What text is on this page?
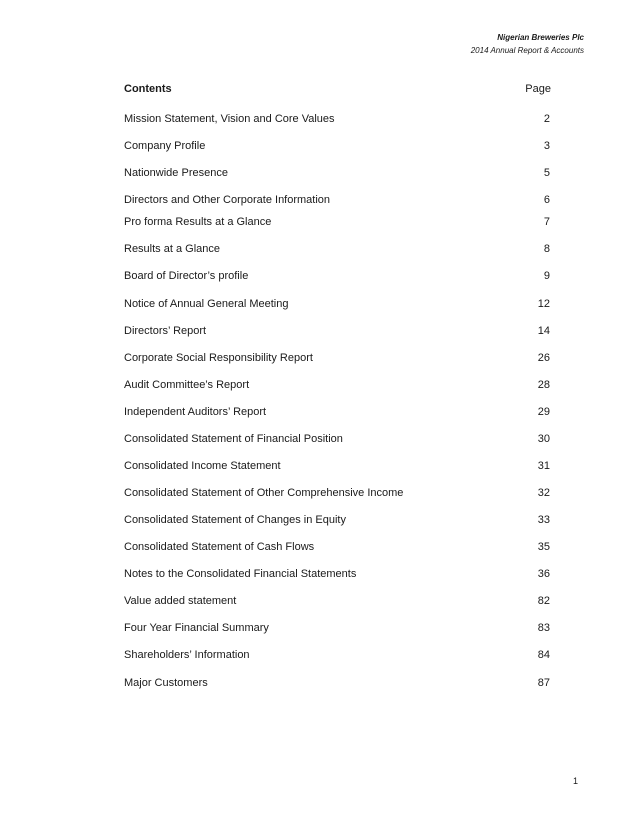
Nigerian Breweries Plc
2014 Annual Report & Accounts
Contents	Page
Mission Statement, Vision and Core Values	2
Company Profile	3
Nationwide Presence	5
Directors and Other Corporate Information	6
Pro forma Results at a Glance	7
Results at a Glance	8
Board of Director’s profile	9
Notice of Annual General Meeting	12
Directors’ Report	14
Corporate Social Responsibility Report	26
Audit Committee’s Report	28
Independent Auditors’ Report	29
Consolidated Statement of Financial Position	30
Consolidated Income Statement	31
Consolidated Statement of Other Comprehensive Income	32
Consolidated Statement of Changes in Equity	33
Consolidated Statement of Cash Flows	35
Notes to the Consolidated Financial Statements	36
Value added statement	82
Four Year Financial Summary	83
Shareholders’ Information	84
Major Customers	87
1
